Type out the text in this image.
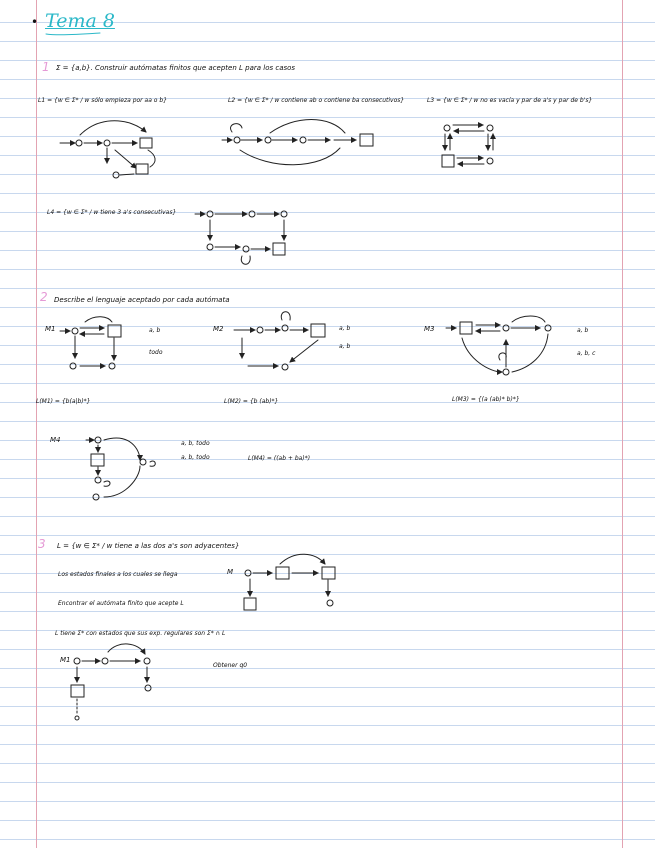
• Tema 8
1 Σ = {a,b}. Construir autómatas finitos que acepten L para los casos
L1 = {w ∈ Σ* / w sólo empieza por aa o b}	L2 = {w ∈ Σ* / w contiene ab o contiene ba consecutivos}	L3 = {w ∈ Σ* / w no es vacía y par de a's y par de b's}
L4 = {w ∈ Σ* / w tiene 3 a's consecutivas}
2 Describe el lenguaje aceptado por cada autómata
M1	M2	M3
M4
a, b
todo
a, b
a, b
a, b
a, b, c
L(M1) = {b(a|b)*}	L(M2) = {b (ab)*}	L(M3) = {(a (ab)* b)*}
L(M4) = ((ab + ba)*)
a, b, todo
a, b, todo
3 L = {w ∈ Σ* / w tiene a las dos a's son adyacentes}
Los estados finales a los cuales se llega
Encontrar el autómata finito que acepte L
L tiene Σ* con estados que sus exp. regulares son Σ* ∩ L
M
M1
Obtener q0
